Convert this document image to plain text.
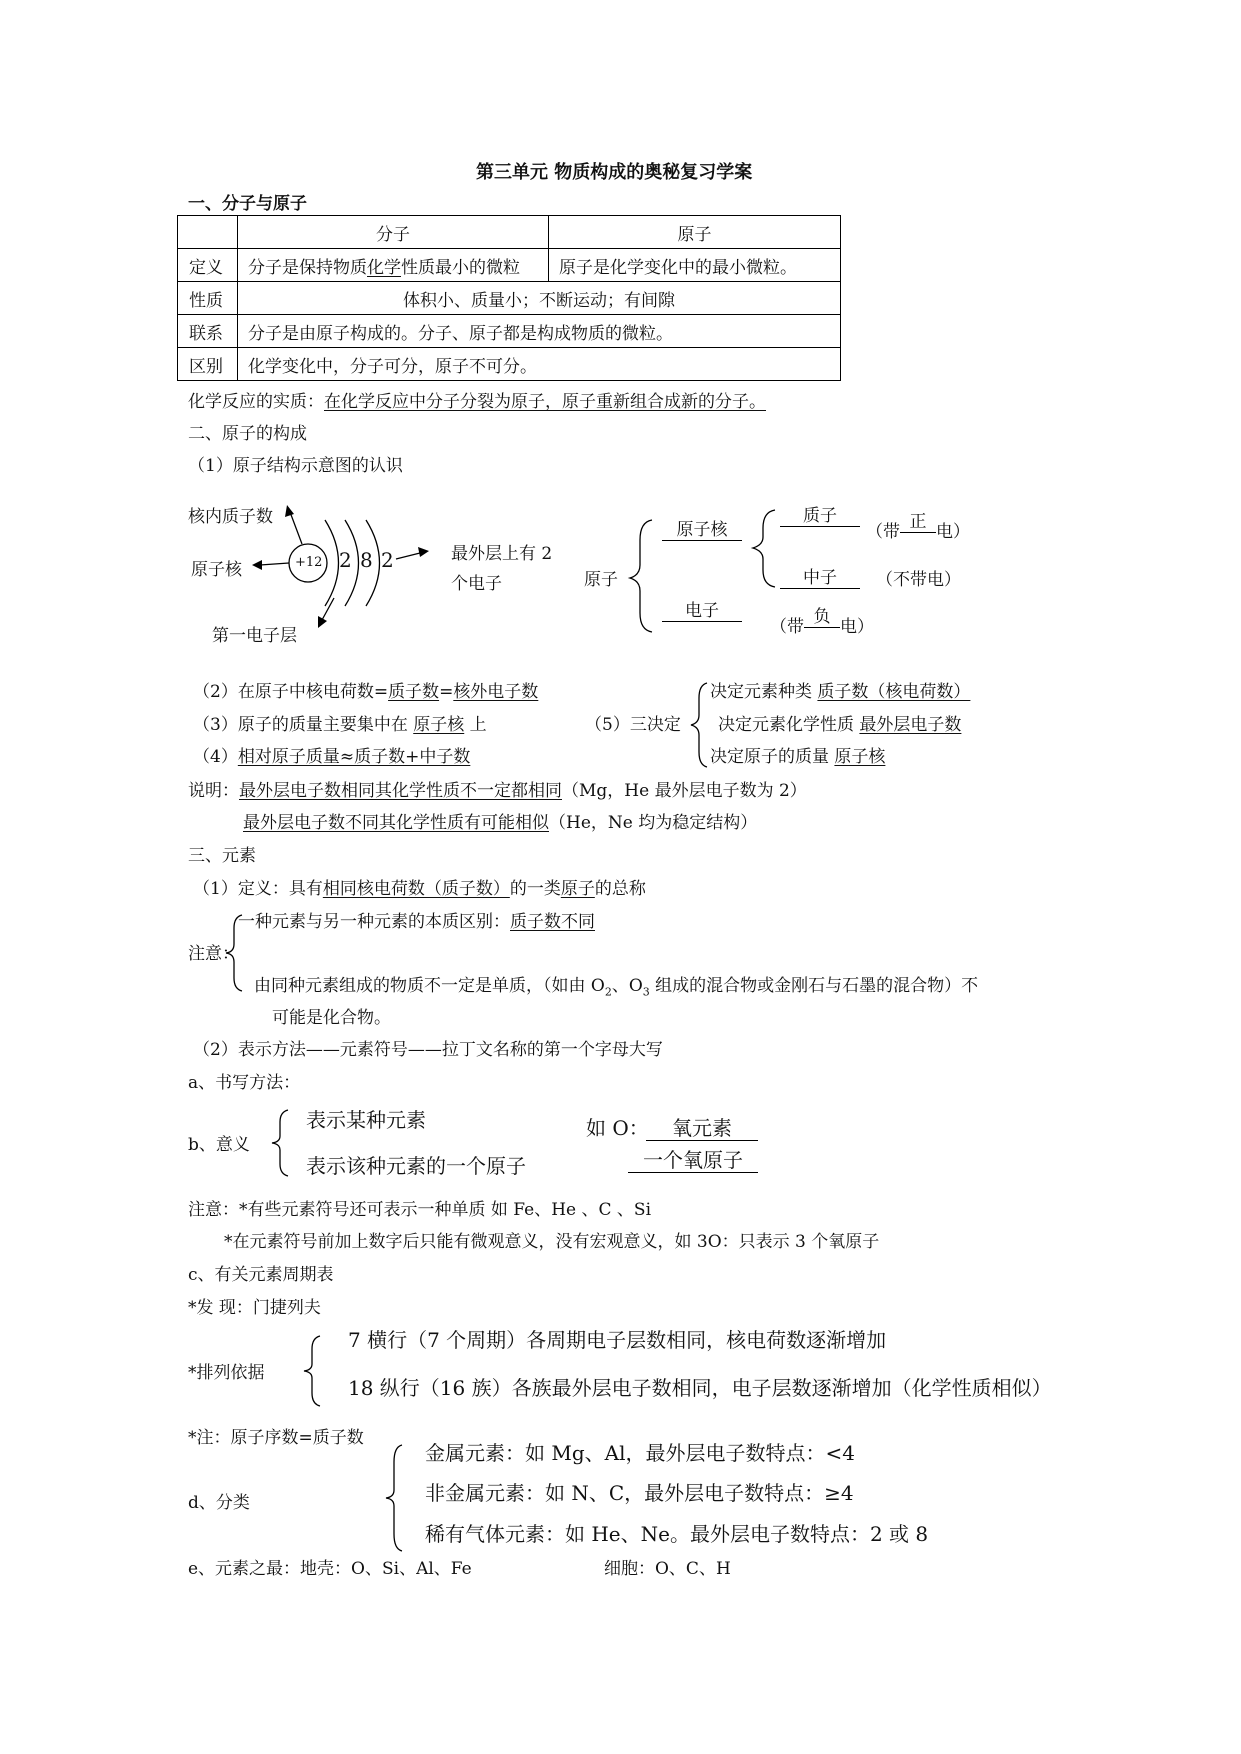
第三单元 物质构成的奥秘复习学案
一、分子与原子
	分子	原子
定义	分子是保持物质化学性质最小的微粒	原子是化学变化中的最小微粒。
性质	体积小、质量小；不断运动；有间隙	
联系	分子是由原子构成的。分子、原子都是构成物质的微粒。	
区别	化学变化中，分子可分，原子不可分。	
化学反应的实质：在化学反应中分子分裂为原子，原子重新组合成新的分子。
二、原子的构成
（1）原子结构示意图的认识
核内质子数
原子核
第一电子层
+12 2 8 2	最外层上有 2
个电子	原子
原子核
电子
质子
中子
（带 正 电）
（不带电）
（带 负 电）
（2）在原子中核电荷数=质子数=核外电子数
（3）原子的质量主要集中在 原子核 上
（4）相对原子质量≈质子数+中子数
（5）三决定
决定元素种类 质子数（核电荷数）
决定元素化学性质 最外层电子数
决定原子的质量 原子核
说明：最外层电子数相同其化学性质不一定都相同（Mg，He 最外层电子数为 2）
最外层电子数不同其化学性质有可能相似（He，Ne 均为稳定结构）
三、元素
（1）定义：具有相同核电荷数（质子数）的一类原子的总称
注意：
一种元素与另一种元素的本质区别：质子数不同
由同种元素组成的物质不一定是单质，（如由 $O_2$、$O_3$ 组成的混合物或金刚石与石墨的混合物）不
可能是化合物。
（2）表示方法——元素符号——拉丁文名称的第一个字母大写
a、书写方法：
b、意义
表示某种元素
表示该种元素的一个原子
如 O：	氧元素
一个氧原子
注意：*有些元素符号还可表示一种单质 如 Fe、He 、C 、Si
*在元素符号前加上数字后只能有微观意义，没有宏观意义，如 3O：只表示 3 个氧原子
c、有关元素周期表
*发 现：门捷列夫
*排列依据
7 横行（7 个周期）各周期电子层数相同，核电荷数逐渐增加
18 纵行（16 族）各族最外层电子数相同，电子层数逐渐增加（化学性质相似）
*注：原子序数=质子数
d、分类
金属元素：如 Mg、Al，最外层电子数特点：<4
非金属元素：如 N、C，最外层电子数特点：≥4
稀有气体元素：如 He、Ne。最外层电子数特点：2 或 8
e、元素之最：地壳：O、Si、Al、Fe	细胞：O、C、H
